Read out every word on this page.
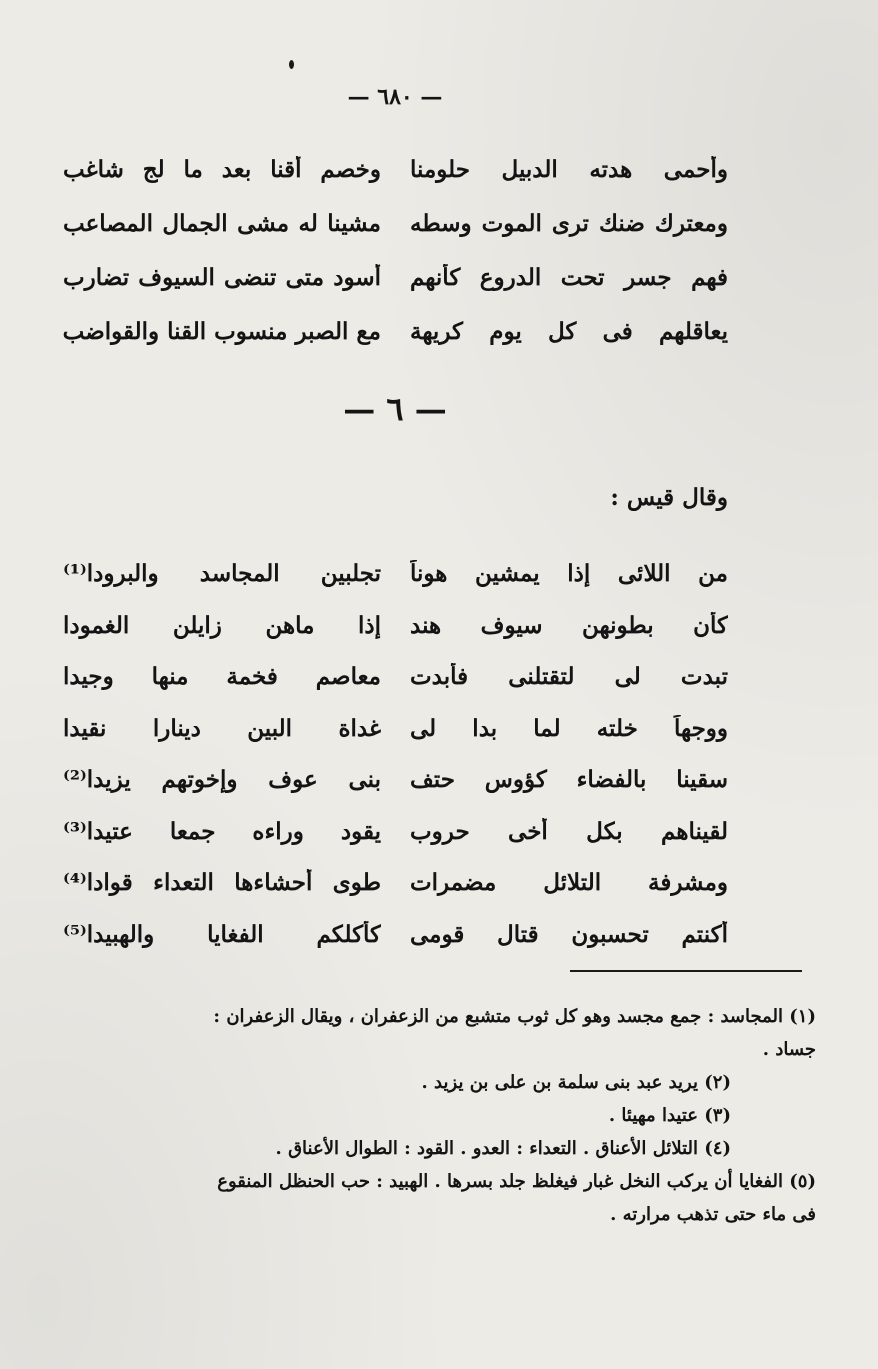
— ٦٨٠ —
وأحمى هدته الدبيل حلومنا
وخصم أقنا بعد ما لج شاغب
ومعترك ضنك ترى الموت وسطه
مشينا له مشى الجمال المصاعب
فهم جسر تحت الدروع كأنهم
أسود متى تنضى السيوف تضارب
يعاقلهم فى كل يوم كريهة
مع الصبر منسوب القنا والقواضب
— ٦ —
وقال قيس :
من اللائى إذا يمشين هوناً
تجلبين المجاسد والبرودا⁽¹⁾
كأن بطونهن سيوف هند
إذا ماهن زايلن الغمودا
تبدت لى لتقتلنى فأبدت
معاصم فخمة منها وجيدا
ووجهاً خلته لما بدا لى
غداة البين دينارا نقيدا
سقينا بالفضاء كؤوس حتف
بنى عوف وإخوتهم يزيدا⁽²⁾
لقيناهم بكل أخى حروب
يقود وراءه جمعا عتيدا⁽³⁾
ومشرفة التلائل مضمرات
طوى أحشاءها التعداء قوادا⁽⁴⁾
أكنتم تحسبون قتال قومى
كأكلكم الفغايا والهبيدا⁽⁵⁾
(١) المجاسد : جمع مجسد وهو كل ثوب متشبع من الزعفران ، ويقال الزعفران :
جساد .
(٢) يريد عبد بنى سلمة بن على بن يزيد .
(٣) عتيدا مهيئا .
(٤) التلائل الأعناق . التعداء : العدو . القود : الطوال الأعناق .
(٥) الفغايا أن يركب النخل غبار فيغلظ جلد بسرها . الهبيد : حب الحنظل المنقوع
فى ماء حتى تذهب مرارته .
